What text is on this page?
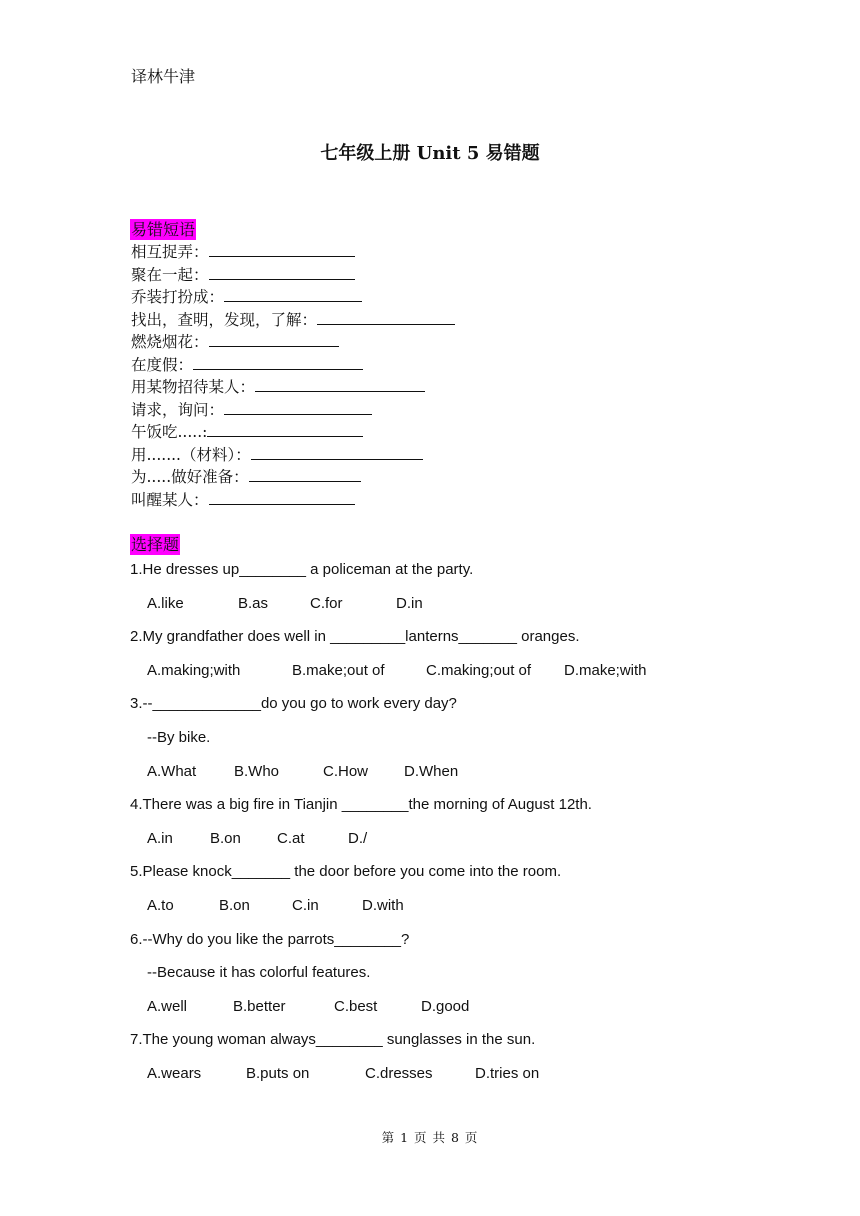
译林牛津
七年级上册 Unit 5 易错题
易错短语
相互捉弄：
聚在一起：
乔装打扮成：
找出，查明，发现，了解：
燃烧烟花：
在度假：
用某物招待某人：
请求，询问：
午饭吃.....:
用.......（材料）：
为.....做好准备：
叫醒某人：
选择题
1.He dresses up________ a policeman at the party.
A.like	B.as	C.for	D.in
2.My grandfather does well in _________lanterns_______ oranges.
A.making;with	B.make;out of	C.making;out of D.make;with
3.--_____________do you go to work every day?
--By bike.
A.What	B.Who	C.How D.When
4.There was a big fire in Tianjin ________the morning of August 12th.
A.in B.on C.at	D./
5.Please knock_______ the door before you come into the room.
A.to	B.on	C.in	D.with
6.--Why do you like the parrots________?
--Because it has colorful features.
A.well	B.better	C.best	D.good
7.The young woman always________ sunglasses in the sun.
A.wears	B.puts on	C.dresses	D.tries on
第 1 页 共 8 页
